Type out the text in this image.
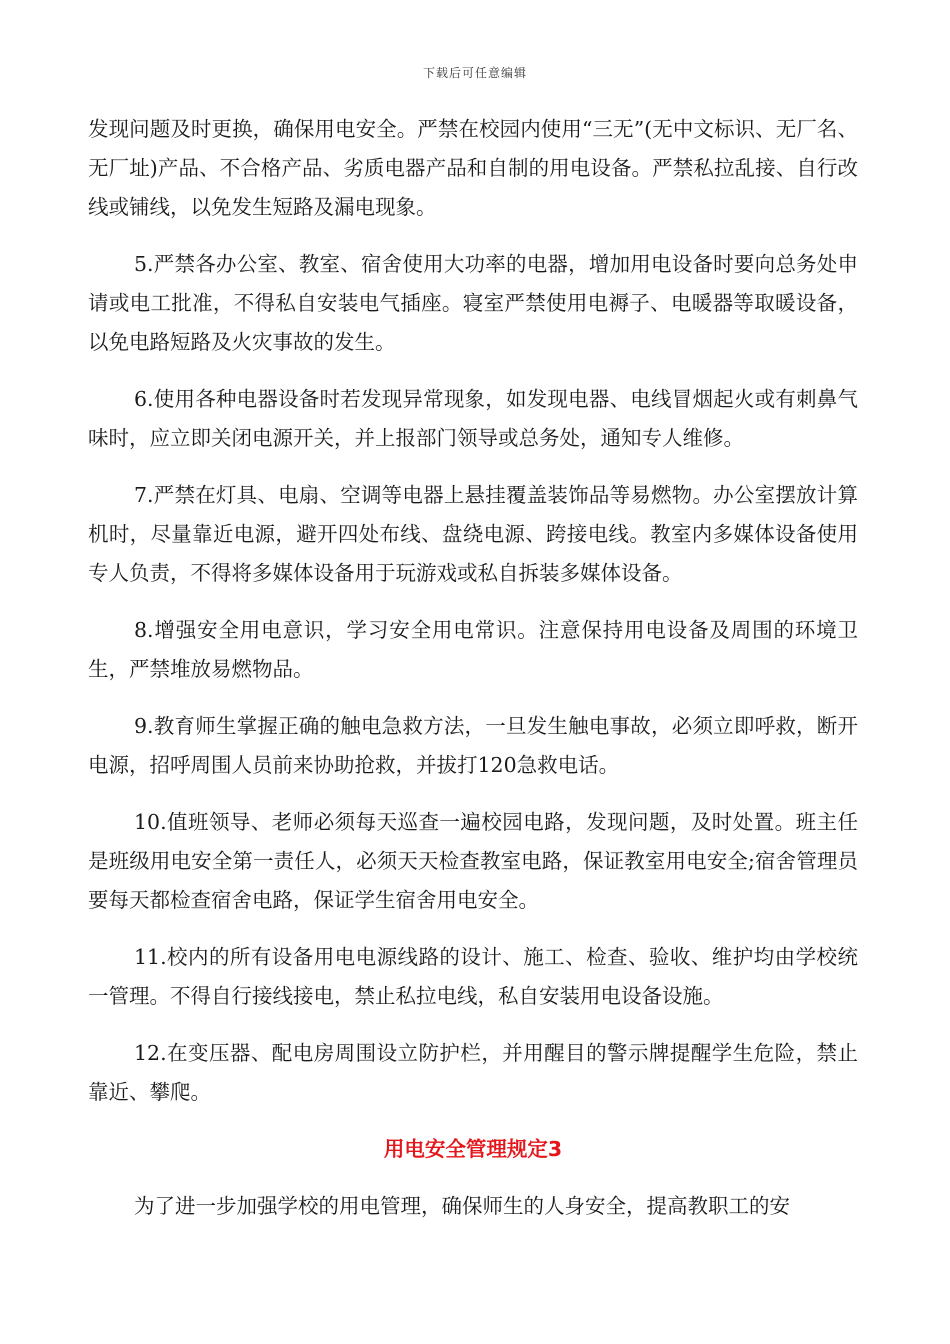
下载后可任意编辑

发现问题及时更换，确保用电安全。严禁在校园内使用“三无”(无中文标识、无厂名、无厂址)产品、不合格产品、劣质电器产品和自制的用电设备。严禁私拉乱接、自行改线或铺线，以免发生短路及漏电现象。

5.严禁各办公室、教室、宿舍使用大功率的电器，增加用电设备时要向总务处申请或电工批准，不得私自安装电气插座。寝室严禁使用电褥子、电暖器等取暖设备，以免电路短路及火灾事故的发生。

6.使用各种电器设备时若发现异常现象，如发现电器、电线冒烟起火或有刺鼻气味时，应立即关闭电源开关，并上报部门领导或总务处，通知专人维修。

7.严禁在灯具、电扇、空调等电器上悬挂覆盖装饰品等易燃物。办公室摆放计算机时，尽量靠近电源，避开四处布线、盘绕电源、跨接电线。教室内多媒体设备使用专人负责，不得将多媒体设备用于玩游戏或私自拆装多媒体设备。

8.增强安全用电意识，学习安全用电常识。注意保持用电设备及周围的环境卫生，严禁堆放易燃物品。

9.教育师生掌握正确的触电急救方法，一旦发生触电事故，必须立即呼救，断开电源，招呼周围人员前来协助抢救，并拔打120急救电话。

10.值班领导、老师必须每天巡查一遍校园电路，发现问题，及时处置。班主任是班级用电安全第一责任人，必须天天检查教室电路，保证教室用电安全;宿舍管理员要每天都检查宿舍电路，保证学生宿舍用电安全。

11.校内的所有设备用电电源线路的设计、施工、检查、验收、维护均由学校统一管理。不得自行接线接电，禁止私拉电线，私自安装用电设备设施。

12.在变压器、配电房周围设立防护栏，并用醒目的警示牌提醒学生危险，禁止靠近、攀爬。

用电安全管理规定3

为了进一步加强学校的用电管理，确保师生的人身安全，提高教职工的安
